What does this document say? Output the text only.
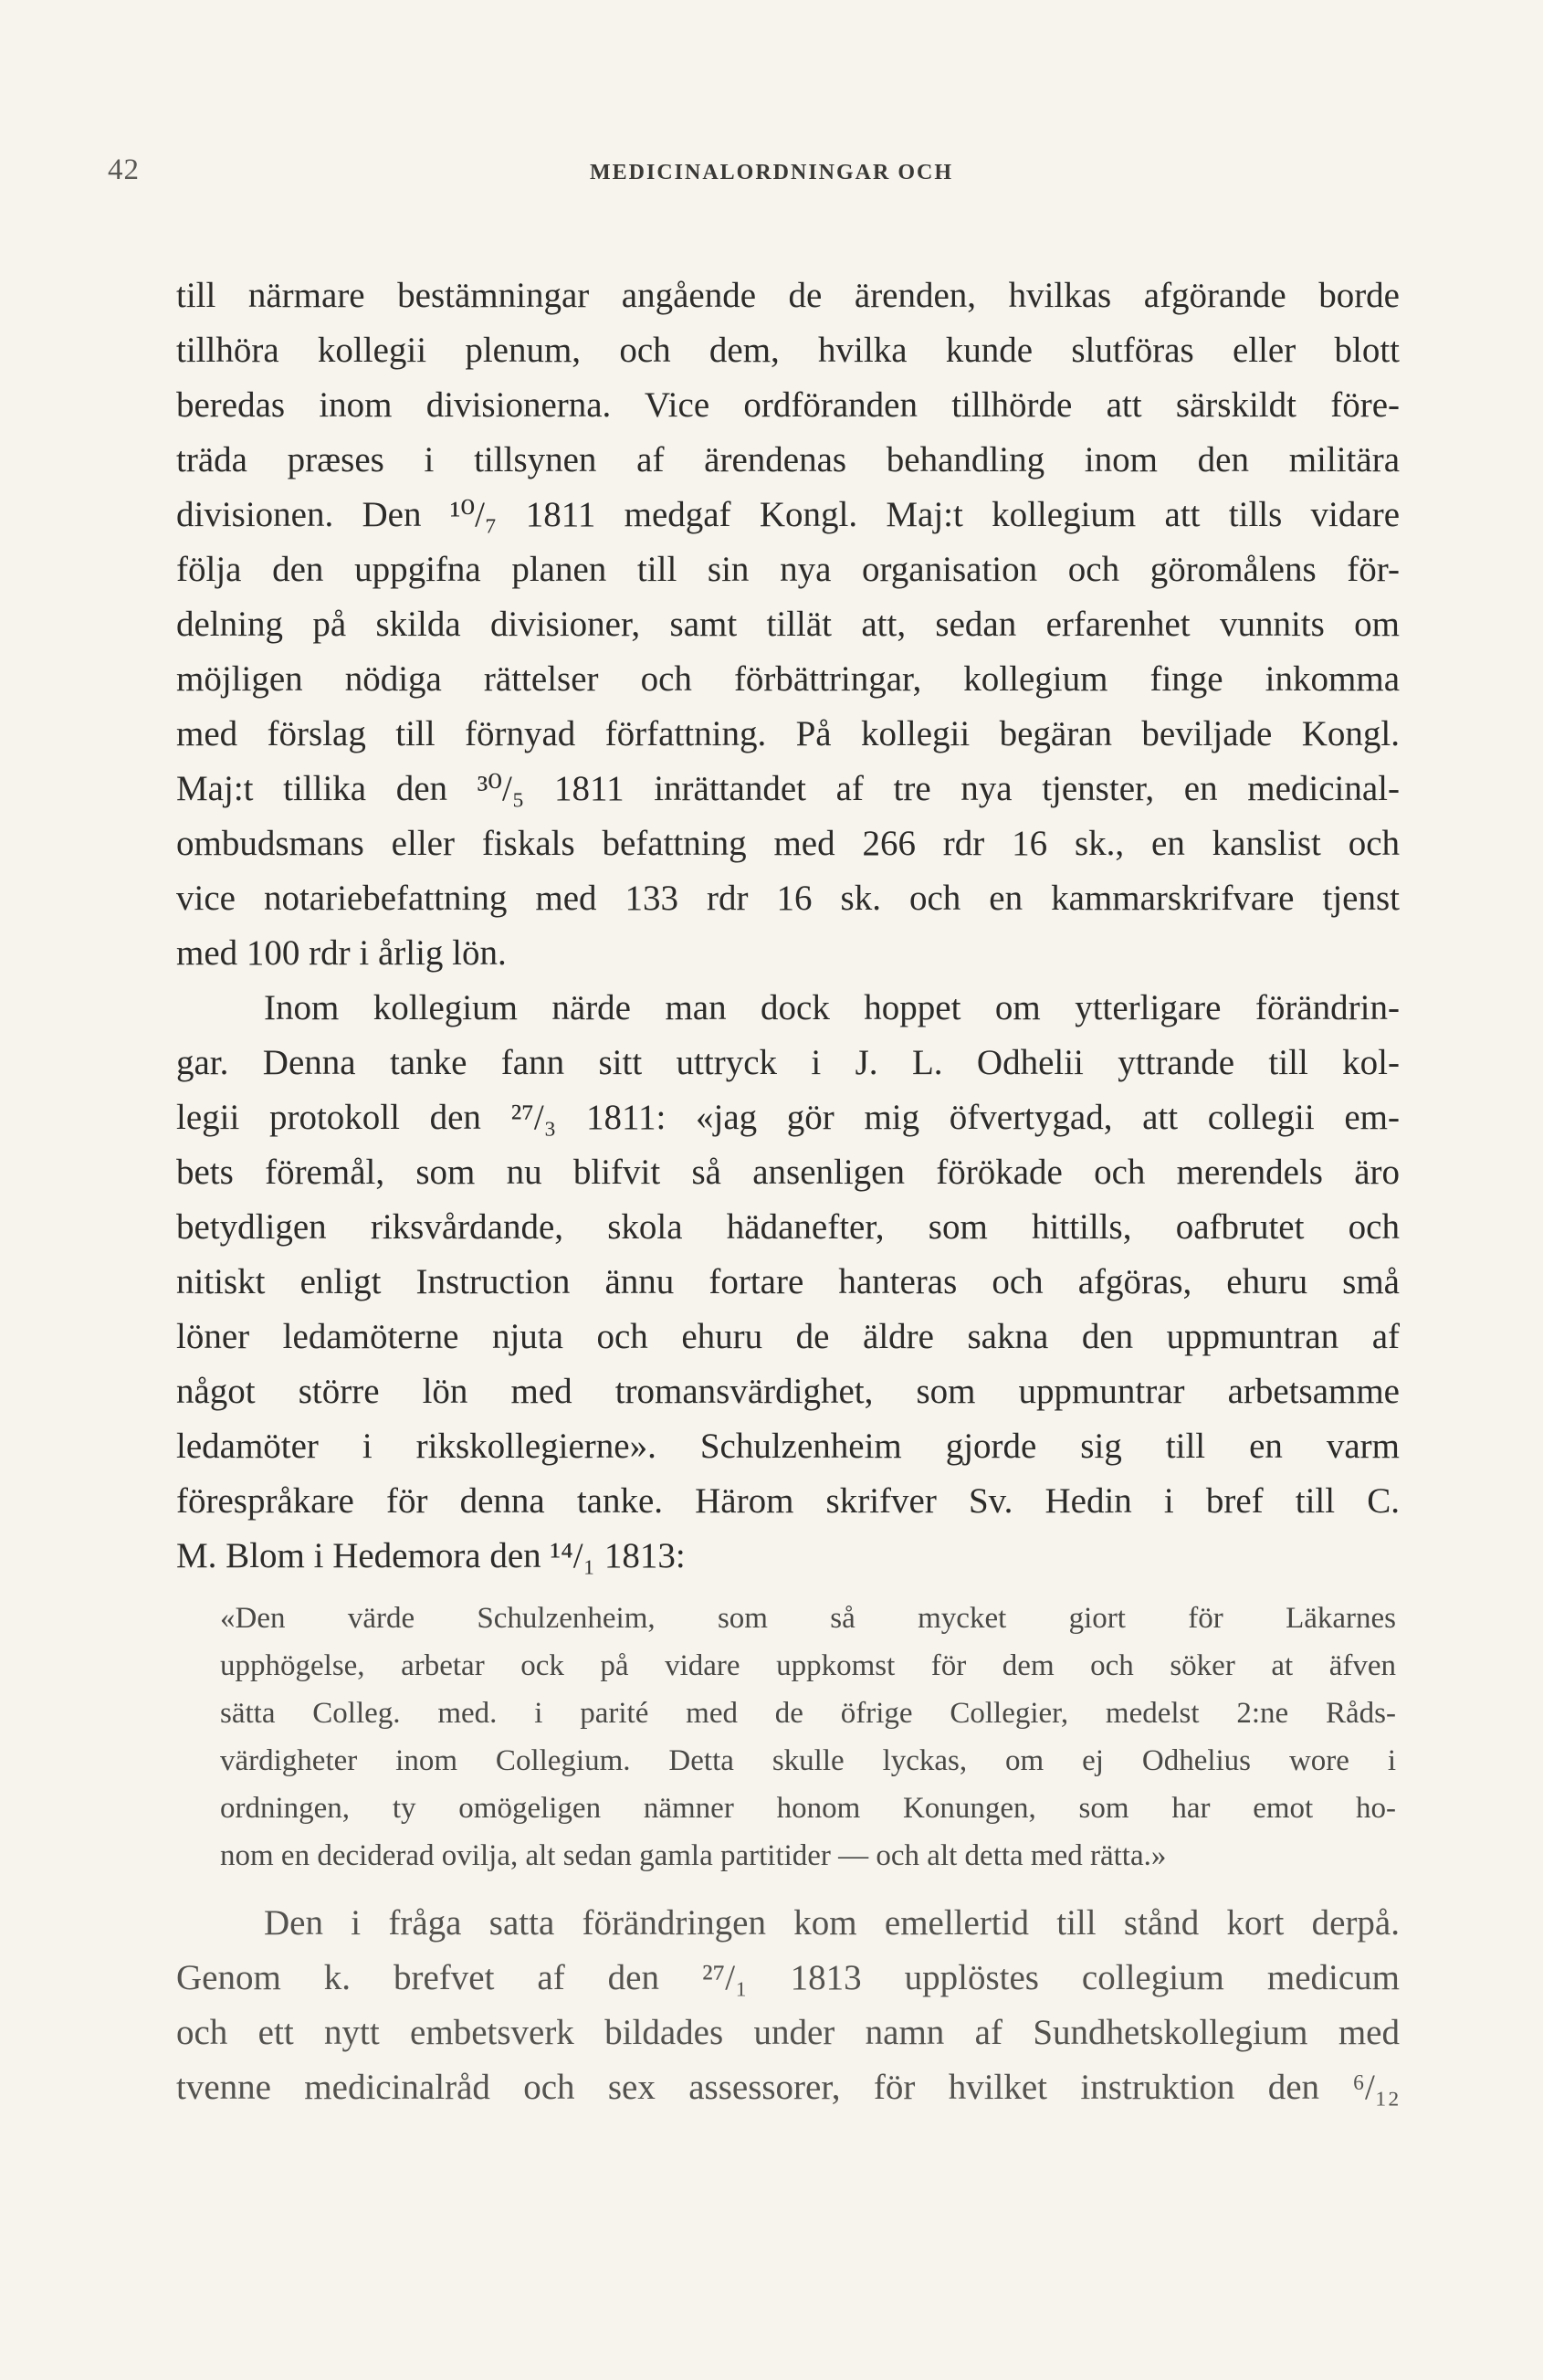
42	MEDICINALORDNINGAR OCH
till närmare bestämningar angående de ärenden, hvilkas afgörande borde
tillhöra kollegii plenum, och dem, hvilka kunde slutföras eller blott
beredas inom divisionerna. Vice ordföranden tillhörde att särskildt före-
träda præses i tillsynen af ärendenas behandling inom den militära
divisionen. Den ¹⁰/₇ 1811 medgaf Kongl. Maj:t kollegium att tills vidare
följa den uppgifna planen till sin nya organisation och göromålens för-
delning på skilda divisioner, samt tillät att, sedan erfarenhet vunnits om
möjligen nödiga rättelser och förbättringar, kollegium finge inkomma
med förslag till förnyad författning. På kollegii begäran beviljade Kongl.
Maj:t tillika den ³⁰/₅ 1811 inrättandet af tre nya tjenster, en medicinal-
ombudsmans eller fiskals befattning med 266 rdr 16 sk., en kanslist och
vice notariebefattning med 133 rdr 16 sk. och en kammarskrifvare tjenst
med 100 rdr i årlig lön.
Inom kollegium närde man dock hoppet om ytterligare förändrin-
gar. Denna tanke fann sitt uttryck i J. L. Odhelii yttrande till kol-
legii protokoll den ²⁷/₃ 1811: «jag gör mig öfvertygad, att collegii em-
bets föremål, som nu blifvit så ansenligen förökade och merendels äro
betydligen riksvårdande, skola hädanefter, som hittills, oafbrutet och
nitiskt enligt Instruction ännu fortare hanteras och afgöras, ehuru små
löner ledamöterne njuta och ehuru de äldre sakna den uppmuntran af
något större lön med tromansvärdighet, som uppmuntrar arbetsamme
ledamöter i rikskollegierne». Schulzenheim gjorde sig till en varm
förespråkare för denna tanke. Härom skrifver Sv. Hedin i bref till C.
M. Blom i Hedemora den ¹⁴/₁ 1813:
«Den värde Schulzenheim, som så mycket giort för Läkarnes
upphögelse, arbetar ock på vidare uppkomst för dem och söker at äfven
sätta Colleg. med. i parité med de öfrige Collegier, medelst 2:ne Råds-
värdigheter inom Collegium. Detta skulle lyckas, om ej Odhelius wore i
ordningen, ty omögeligen nämner honom Konungen, som har emot ho-
nom en deciderad ovilja, alt sedan gamla partitider — och alt detta med rätta.»
Den i fråga satta förändringen kom emellertid till stånd kort derpå.
Genom k. brefvet af den ²⁷/₁ 1813 upplöstes collegium medicum
och ett nytt embetsverk bildades under namn af Sundhetskollegium med
tvenne medicinalråd och sex assessorer, för hvilket instruktion den ⁶/₁₂
